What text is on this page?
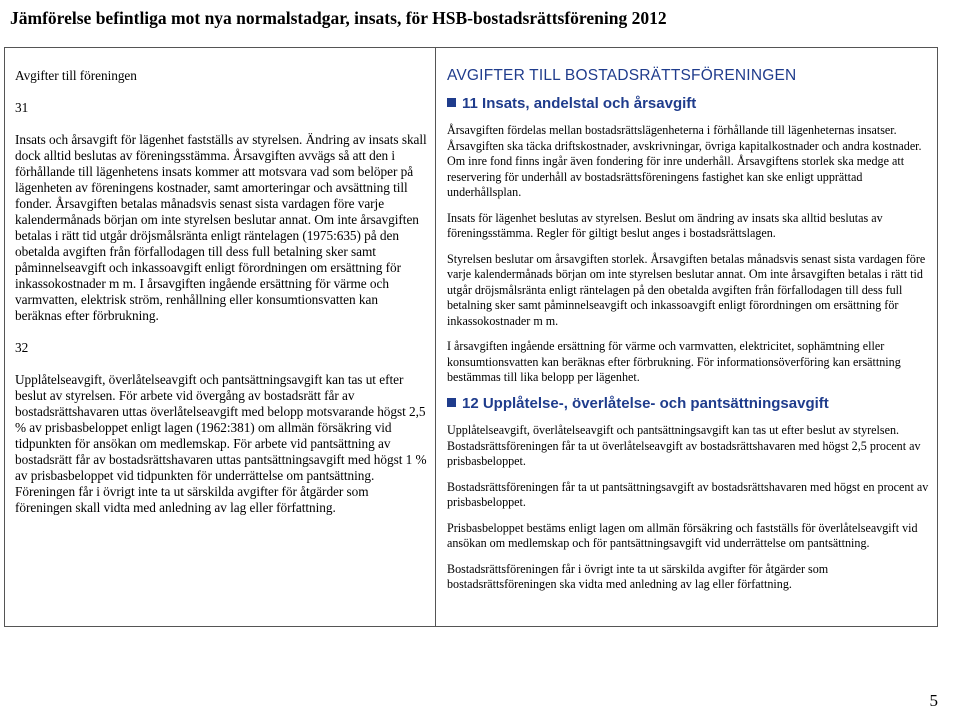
Jämförelse befintliga mot nya normalstadgar, insats, för HSB-bostadsrättsförening 2012

Avgifter till föreningen

31

Insats och årsavgift för lägenhet fastställs av styrelsen. Ändring av insats skall dock alltid beslutas av föreningsstämma. Årsavgiften avvägs så att den i förhållande till lägenhetens insats kommer att motsvara vad som belöper på lägenheten av föreningens kostnader, samt amorteringar och avsättning till fonder. Årsavgiften betalas månadsvis senast sista vardagen före varje kalendermånads början om inte styrelsen beslutar annat. Om inte årsavgiften betalas i rätt tid utgår dröjsmålsränta enligt räntelagen (1975:635) på den obetalda avgiften från förfallodagen till dess full betalning sker samt påminnelseavgift och inkassoavgift enligt förordningen om ersättning för inkassokostnader m m. I årsavgiften ingående ersättning för värme och varmvatten, elektrisk ström, renhållning eller konsumtionsvatten kan beräknas efter förbrukning.

32

Upplåtelseavgift, överlåtelseavgift och pantsättningsavgift kan tas ut efter beslut av styrelsen. För arbete vid övergång av bostadsrätt får av bostadsrättshavaren uttas överlåtelseavgift med belopp motsvarande högst 2,5 % av prisbasbeloppet enligt lagen (1962:381) om allmän försäkring vid tidpunkten för ansökan om medlemskap. För arbete vid pantsättning av bostadsrätt får av bostadsrättshavaren uttas pantsättningsavgift med högst 1 % av prisbasbeloppet vid tidpunkten för underrättelse om pantsättning. Föreningen får i övrigt inte ta ut särskilda avgifter för åtgärder som föreningen skall vidta med anledning av lag eller författning.

AVGIFTER TILL BOSTADSRÄTTSFÖRENINGEN
11 Insats, andelstal och årsavgift

Årsavgiften fördelas mellan bostadsrättslägenheterna i förhållande till lägenheternas insatser. Årsavgiften ska täcka driftskostnader, avskrivningar, övriga kapitalkostnader och andra kostnader. Om inre fond finns ingår även fondering för inre underhåll. Årsavgiftens storlek ska medge att reservering för underhåll av bostadsrättsföreningens fastighet kan ske enligt upprättad underhållsplan.

Insats för lägenhet beslutas av styrelsen. Beslut om ändring av insats ska alltid beslutas av föreningsstämma. Regler för giltigt beslut anges i bostadsrättslagen.

Styrelsen beslutar om årsavgiften storlek. Årsavgiften betalas månadsvis senast sista vardagen före varje kalendermånads början om inte styrelsen beslutar annat. Om inte årsavgiften betalas i rätt tid utgår dröjsmålsränta enligt räntelagen på den obetalda avgiften från förfallodagen till dess full betalning sker samt påminnelseavgift och inkassoavgift enligt förordningen om ersättning för inkassokostnader m m.

I årsavgiften ingående ersättning för värme och varmvatten, elektricitet, sophämtning eller konsumtionsvatten kan beräknas efter förbrukning. För informationsöverföring kan ersättning bestämmas till lika belopp per lägenhet.

12 Upplåtelse-, överlåtelse- och pantsättningsavgift

Upplåtelseavgift, överlåtelseavgift och pantsättningsavgift kan tas ut efter beslut av styrelsen. Bostadsrättsföreningen får ta ut överlåtelseavgift av bostadsrättshavaren med högst 2,5 procent av prisbasbeloppet.

Bostadsrättsföreningen får ta ut pantsättningsavgift av bostadsrättshavaren med högst en procent av prisbasbeloppet.

Prisbasbeloppet bestäms enligt lagen om allmän försäkring och fastställs för överlåtelseavgift vid ansökan om medlemskap och för pantsättningsavgift vid underrättelse om pantsättning.

Bostadsrättsföreningen får i övrigt inte ta ut särskilda avgifter för åtgärder som bostadsrättsföreningen ska vidta med anledning av lag eller författning.

5
